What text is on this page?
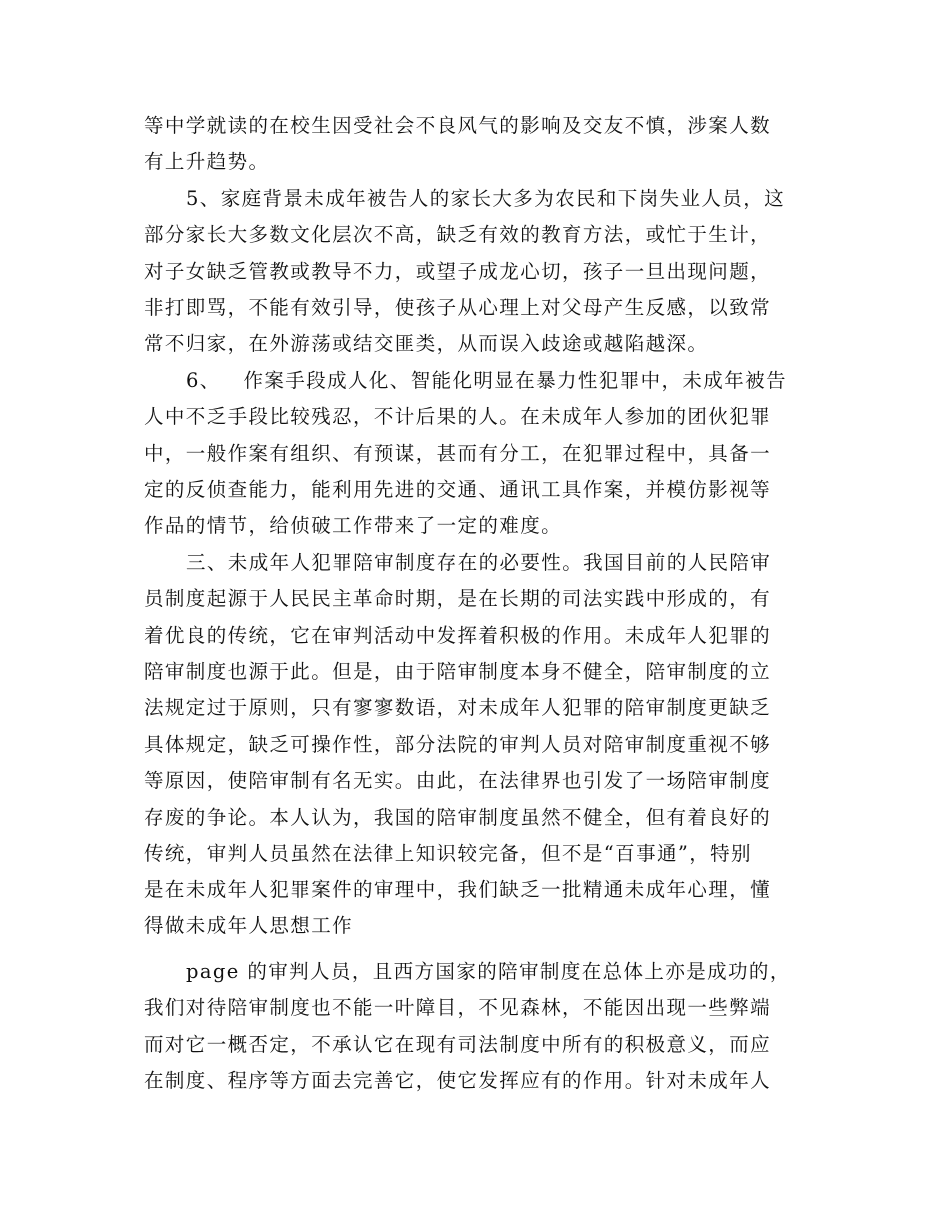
等中学就读的在校生因受社会不良风气的影响及交友不慎，涉案人数
有上升趋势。
5、家庭背景未成年被告人的家长大多为农民和下岗失业人员，这
部分家长大多数文化层次不高，缺乏有效的教育方法，或忙于生计，
对子女缺乏管教或教导不力，或望子成龙心切，孩子一旦出现问题，
非打即骂，不能有效引导，使孩子从心理上对父母产生反感，以致常
常不归家，在外游荡或结交匪类，从而误入歧途或越陷越深。
6、   作案手段成人化、智能化明显在暴力性犯罪中，未成年被告
人中不乏手段比较残忍，不计后果的人。在未成年人参加的团伙犯罪
中，一般作案有组织、有预谋，甚而有分工，在犯罪过程中，具备一
定的反侦查能力，能利用先进的交通、通讯工具作案，并模仿影视等
作品的情节，给侦破工作带来了一定的难度。
三、未成年人犯罪陪审制度存在的必要性。我国目前的人民陪审
员制度起源于人民民主革命时期，是在长期的司法实践中形成的，有
着优良的传统，它在审判活动中发挥着积极的作用。未成年人犯罪的
陪审制度也源于此。但是，由于陪审制度本身不健全，陪审制度的立
法规定过于原则，只有寥寥数语，对未成年人犯罪的陪审制度更缺乏
具体规定，缺乏可操作性，部分法院的审判人员对陪审制度重视不够
等原因，使陪审制有名无实。由此，在法律界也引发了一场陪审制度
存废的争论。本人认为，我国的陪审制度虽然不健全，但有着良好的
传统，审判人员虽然在法律上知识较完备，但不是“百事通”，特别
是在未成年人犯罪案件的审理中，我们缺乏一批精通未成年心理，懂
得做未成年人思想工作
page 的审判人员，且西方国家的陪审制度在总体上亦是成功的，
我们对待陪审制度也不能一叶障目，不见森林，不能因出现一些弊端
而对它一概否定，不承认它在现有司法制度中所有的积极意义，而应
在制度、程序等方面去完善它，使它发挥应有的作用。针对未成年人
